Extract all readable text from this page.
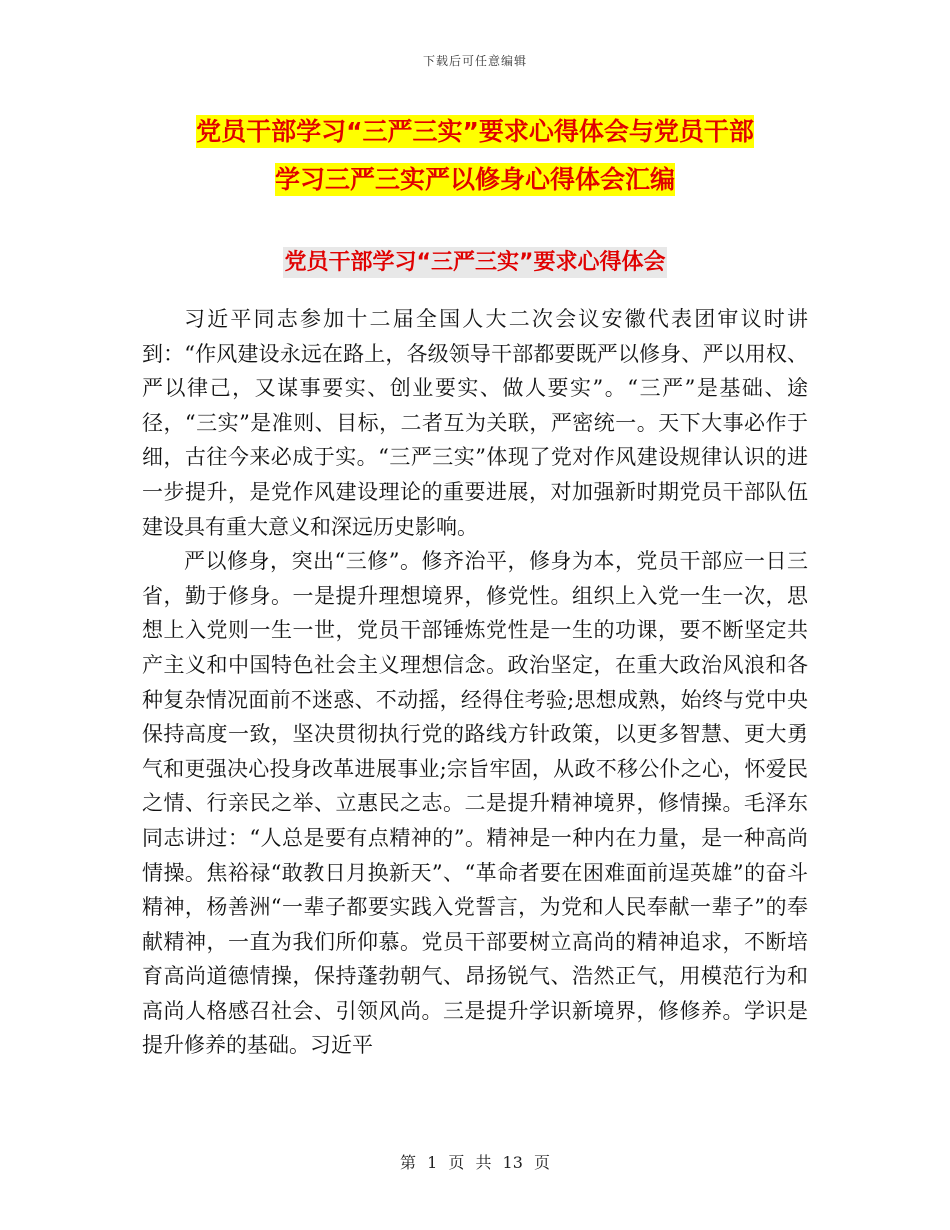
下载后可任意编辑
党员干部学习“三严三实”要求心得体会与党员干部
学习三严三实严以修身心得体会汇编
党员干部学习“三严三实”要求心得体会

习近平同志参加十二届全国人大二次会议安徽代表团审议时讲到：“作风建设永远在路上，各级领导干部都要既严以修身、严以用权、严以律己，又谋事要实、创业要实、做人要实”。“三严”是基础、途径，“三实”是准则、目标，二者互为关联，严密统一。天下大事必作于细，古往今来必成于实。“三严三实”体现了党对作风建设规律认识的进一步提升，是党作风建设理论的重要进展，对加强新时期党员干部队伍建设具有重大意义和深远历史影响。

严以修身，突出“三修”。修齐治平，修身为本，党员干部应一日三省，勤于修身。一是提升理想境界，修党性。组织上入党一生一次，思想上入党则一生一世，党员干部锤炼党性是一生的功课，要不断坚定共产主义和中国特色社会主义理想信念。政治坚定，在重大政治风浪和各种复杂情况面前不迷惑、不动摇，经得住考验;思想成熟，始终与党中央保持高度一致，坚决贯彻执行党的路线方针政策，以更多智慧、更大勇气和更强决心投身改革进展事业;宗旨牢固，从政不移公仆之心，怀爱民之情、行亲民之举、立惠民之志。二是提升精神境界，修情操。毛泽东同志讲过：“人总是要有点精神的”。精神是一种内在力量，是一种高尚情操。焦裕禄“敢教日月换新天”、“革命者要在困难面前逞英雄”的奋斗精神，杨善洲“一辈子都要实践入党誓言，为党和人民奉献一辈子”的奉献精神，一直为我们所仰慕。党员干部要树立高尚的精神追求，不断培育高尚道德情操，保持蓬勃朝气、昂扬锐气、浩然正气，用模范行为和高尚人格感召社会、引领风尚。三是提升学识新境界，修修养。学识是提升修养的基础。习近平

第 1 页 共 13 页
